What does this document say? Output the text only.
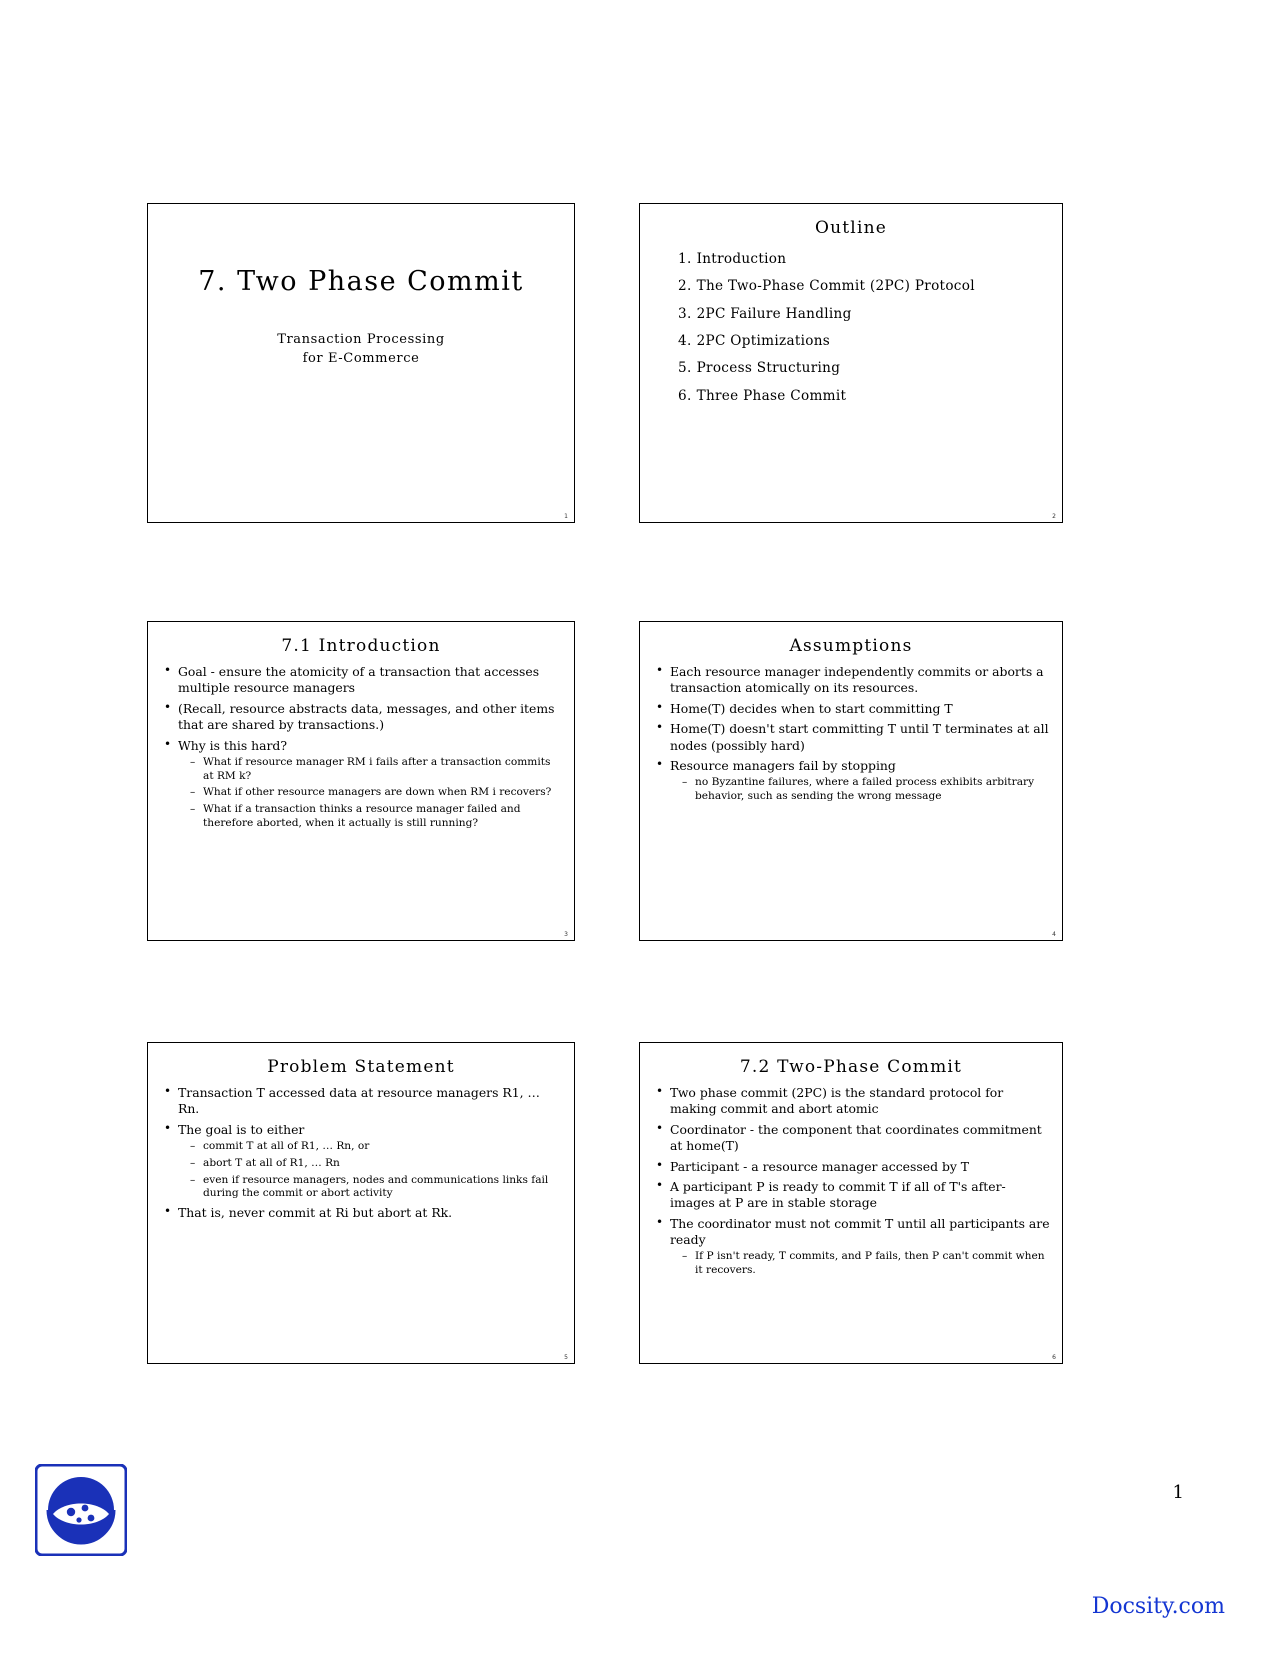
7. Two Phase Commit
Transaction Processing
for E-Commerce
1
Outline
Introduction
The Two-Phase Commit (2PC) Protocol
2PC Failure Handling
2PC Optimizations
Process Structuring
Three Phase Commit
2
7.1 Introduction
• Goal - ensure the atomicity of a transaction that accesses multiple resource managers
• (Recall, resource abstracts data, messages, and other items that are shared by transactions.)
• Why is this hard?
– What if resource manager RM i fails after a transaction commits at RM k?
– What if other resource managers are down when RM i recovers?
– What if a transaction thinks a resource manager failed and therefore aborted, when it actually is still running?
3
Assumptions
• Each resource manager independently commits or aborts a transaction atomically on its resources.
• Home(T) decides when to start committing T
• Home(T) doesn't start committing T until T terminates at all nodes (possibly hard)
• Resource managers fail by stopping
– no Byzantine failures, where a failed process exhibits arbitrary behavior, such as sending the wrong message
4
Problem Statement
• Transaction T accessed data at resource managers R1, … Rn.
• The goal is to either
– commit T at all of R1, … Rn, or
– abort T at all of R1, … Rn
– even if resource managers, nodes and communications links fail during the commit or abort activity
• That is, never commit at Ri but abort at Rk.
5
7.2 Two-Phase Commit
• Two phase commit (2PC) is the standard protocol for making commit and abort atomic
• Coordinator - the component that coordinates commitment at home(T)
• Participant - a resource manager accessed by T
• A participant P is ready to commit T if all of T's after-images at P are in stable storage
• The coordinator must not commit T until all participants are ready
– If P isn't ready, T commits, and P fails, then P can't commit when it recovers.
6
1
Docsity.com
